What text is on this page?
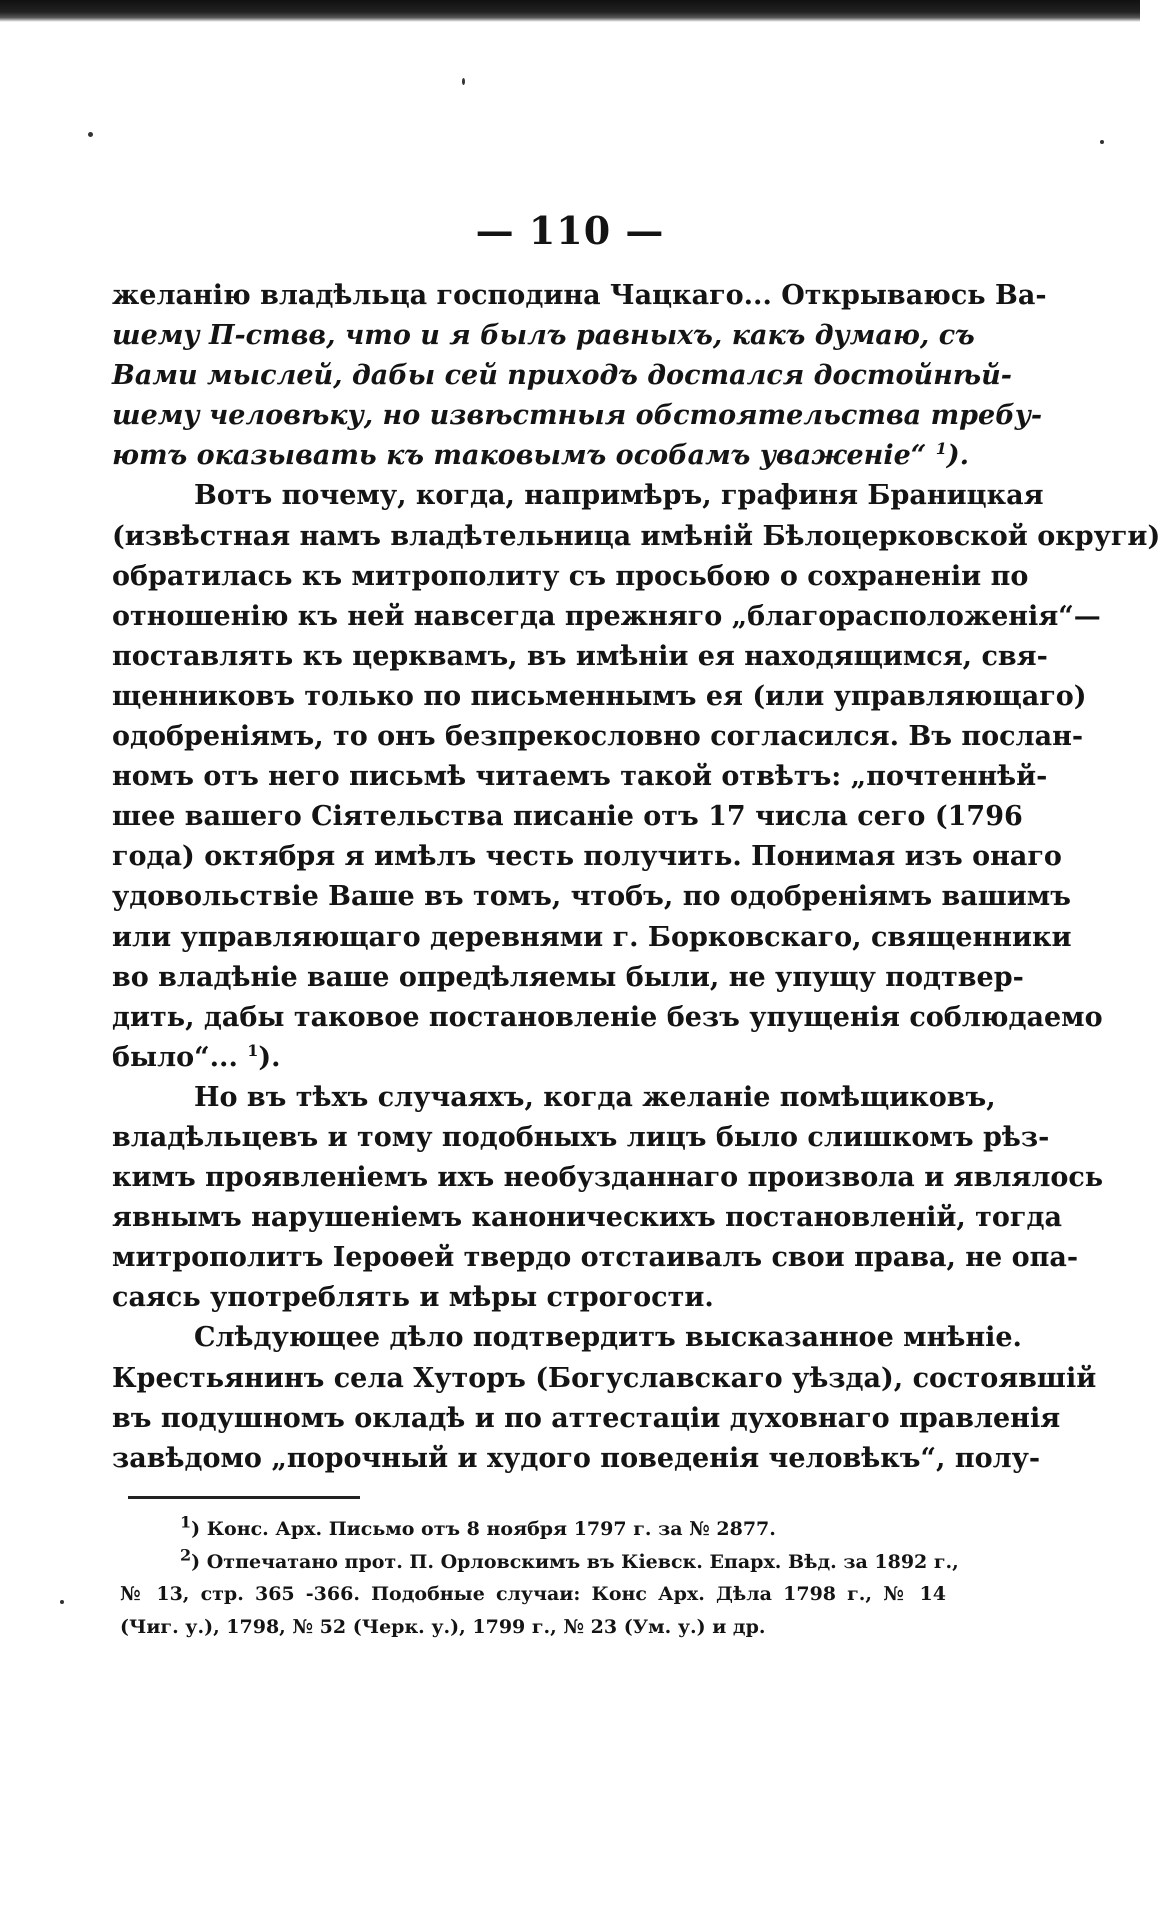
— 110 —
желанію владѣльца господина Чацкаго... Открываюсь Ва-
шему П-ствв, что и я былъ равныхъ, какъ думаю, съ
Вами мыслей, дабы сей приходъ достался достойнѣй-
шему человѣку, но извѣстныя обстоятельства требу-
ютъ оказывать къ таковымъ особамъ уваженіе“ $^1$).
Вотъ почему, когда, напримѣръ, графиня Браницкая
(извѣстная намъ владѣтельница имѣній Бѣлоцерковской округи)
обратилась къ митрополиту съ просьбою о сохраненіи по
отношенію къ ней навсегда прежняго „благорасположенія“—
поставлять къ церквамъ, въ имѣніи ея находящимся, свя-
щенниковъ только по письменнымъ ея (или управляющаго)
одобреніямъ, то онъ безпрекословно согласился. Въ послан-
номъ отъ него письмѣ читаемъ такой отвѣтъ: „почтеннѣй-
шее вашего Сіятельства писаніе отъ 17 числа сего (1796
года) октября я имѣлъ честь получить. Понимая изъ онаго
удовольствіе Ваше въ томъ, чтобъ, по одобреніямъ вашимъ
или управляющаго деревнями г. Борковскаго, священники
во владѣніе ваше опредѣляемы были, не упущу подтвер-
дить, дабы таковое постановленіе безъ упущенія соблюдаемо
было“... $^1$).
Но въ тѣхъ случаяхъ, когда желаніе помѣщиковъ,
владѣльцевъ и тому подобныхъ лицъ было слишкомъ рѣз-
кимъ проявленіемъ ихъ необузданнаго произвола и являлось
явнымъ нарушеніемъ каноническихъ постановленій, тогда
митрополитъ Іероѳей твердо отстаивалъ свои права, не опа-
саясь употреблять и мѣры строгости.
Слѣдующее дѣло подтвердитъ высказанное мнѣніе.
Крестьянинъ села Хуторъ (Богуславскаго уѣзда), состоявшій
въ подушномъ окладѣ и по аттестаціи духовнаго правленія
завѣдомо „порочный и худого поведенія человѣкъ“, полу-
$^1$) Конс. Арх. Письмо отъ 8 ноября 1797 г. за № 2877.
$^2$) Отпечатано прот. П. Орловскимъ въ Кіевск. Епарх. Вѣд. за 1892 г.,
№ 13, стр. 365 -366. Подобные случаи: Конс Арх. Дѣла 1798 г., № 14
(Чиг. у.), 1798, № 52 (Черк. у.), 1799 г., № 23 (Ум. у.) и др.
